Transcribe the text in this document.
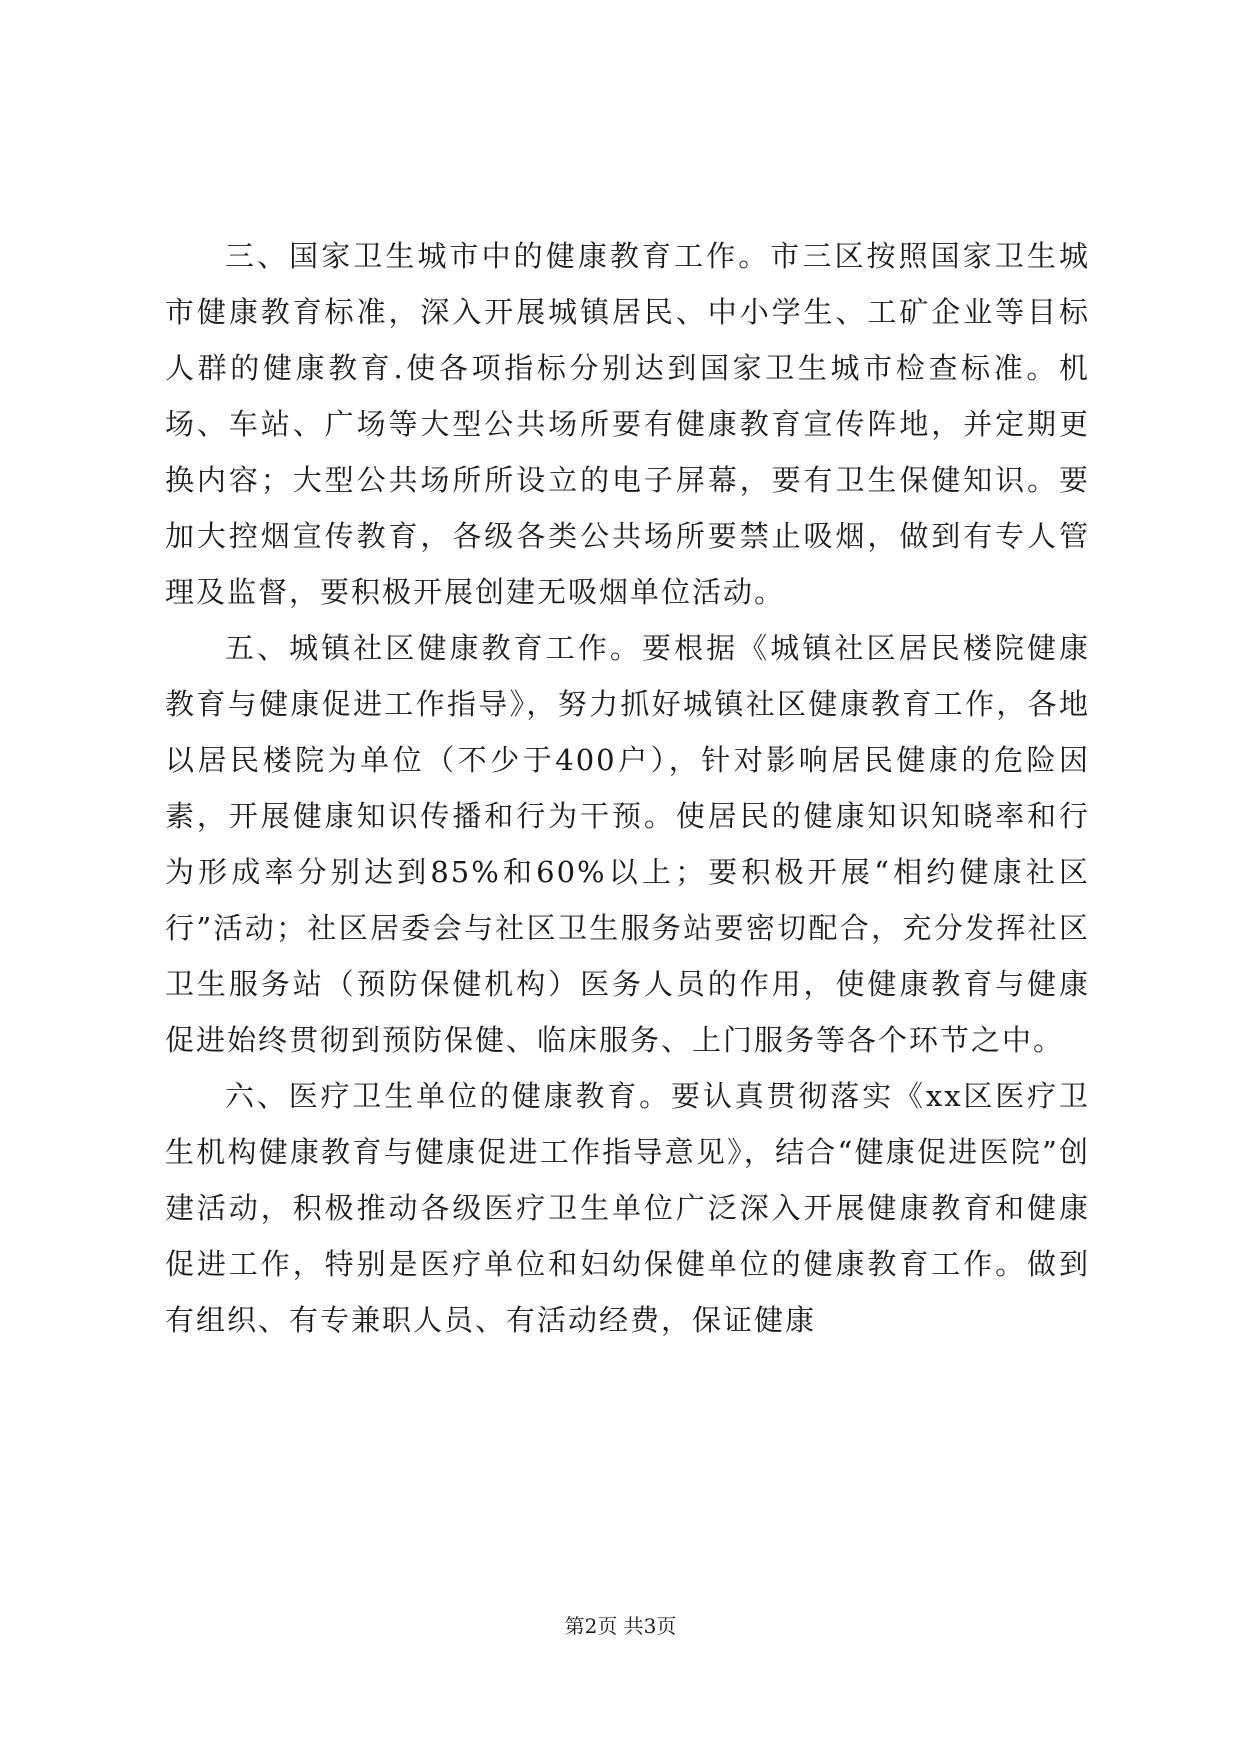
三、国家卫生城市中的健康教育工作。市三区按照国家卫生城市健康教育标准，深入开展城镇居民、中小学生、工矿企业等目标人群的健康教育.使各项指标分别达到国家卫生城市检查标准。机场、车站、广场等大型公共场所要有健康教育宣传阵地，并定期更换内容；大型公共场所所设立的电子屏幕，要有卫生保健知识。要加大控烟宣传教育，各级各类公共场所要禁止吸烟，做到有专人管理及监督，要积极开展创建无吸烟单位活动。

五、城镇社区健康教育工作。要根据《城镇社区居民楼院健康教育与健康促进工作指导》，努力抓好城镇社区健康教育工作，各地以居民楼院为单位（不少于400户），针对影响居民健康的危险因素，开展健康知识传播和行为干预。使居民的健康知识知晓率和行为形成率分别达到85%和60%以上；要积极开展“相约健康社区行”活动；社区居委会与社区卫生服务站要密切配合，充分发挥社区卫生服务站（预防保健机构）医务人员的作用，使健康教育与健康促进始终贯彻到预防保健、临床服务、上门服务等各个环节之中。

六、医疗卫生单位的健康教育。要认真贯彻落实《xx区医疗卫生机构健康教育与健康促进工作指导意见》，结合“健康促进医院”创建活动，积极推动各级医疗卫生单位广泛深入开展健康教育和健康促进工作，特别是医疗单位和妇幼保健单位的健康教育工作。做到有组织、有专兼职人员、有活动经费，保证健康

第2页 共3页
